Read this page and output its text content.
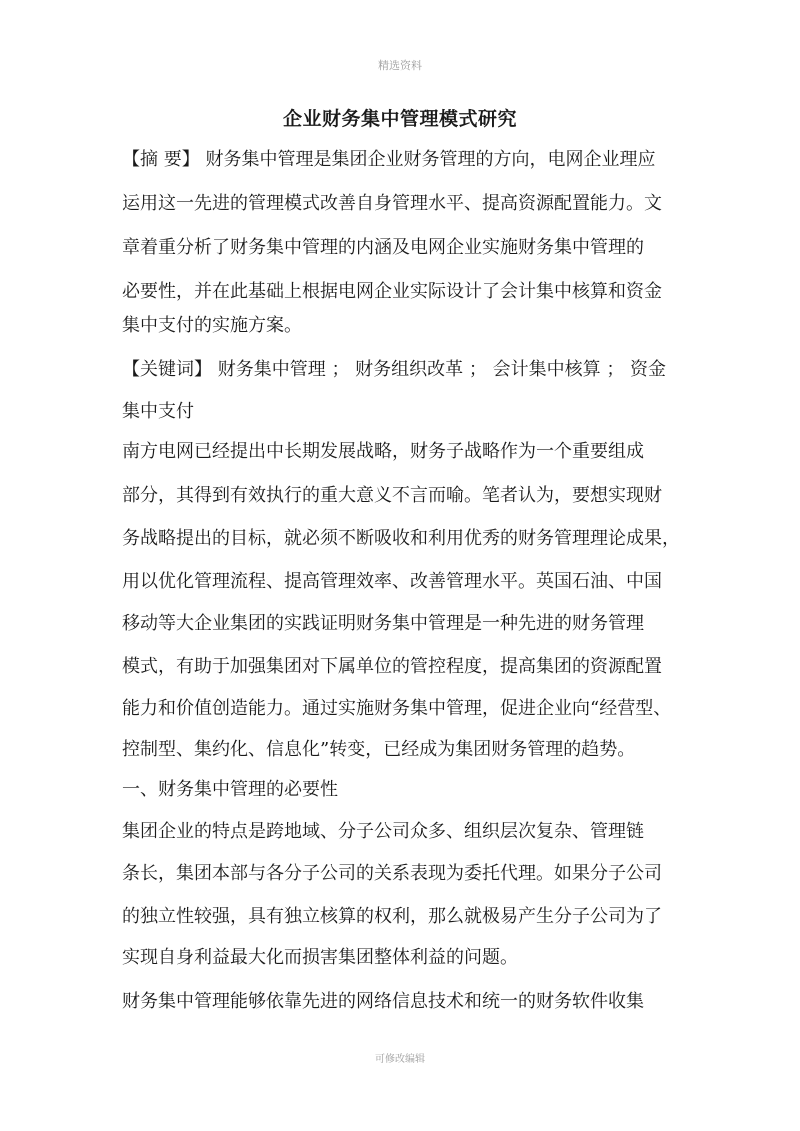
精选资料
企业财务集中管理模式研究
【摘 要】 财务集中管理是集团企业财务管理的方向，电网企业理应
运用这一先进的管理模式改善自身管理水平、提高资源配置能力。文
章着重分析了财务集中管理的内涵及电网企业实施财务集中管理的
必要性，并在此基础上根据电网企业实际设计了会计集中核算和资金
集中支付的实施方案。
【关键词】 财务集中管理 ； 财务组织改革 ； 会计集中核算 ； 资金
集中支付
南方电网已经提出中长期发展战略，财务子战略作为一个重要组成
部分，其得到有效执行的重大意义不言而喻。笔者认为，要想实现财
务战略提出的目标，就必须不断吸收和利用优秀的财务管理理论成果，
用以优化管理流程、提高管理效率、改善管理水平。英国石油、中国
移动等大企业集团的实践证明财务集中管理是一种先进的财务管理
模式，有助于加强集团对下属单位的管控程度，提高集团的资源配置
能力和价值创造能力。通过实施财务集中管理，促进企业向“经营型、
控制型、集约化、信息化”转变，已经成为集团财务管理的趋势。
一、财务集中管理的必要性
集团企业的特点是跨地域、分子公司众多、组织层次复杂、管理链
条长，集团本部与各分子公司的关系表现为委托代理。如果分子公司
的独立性较强，具有独立核算的权利，那么就极易产生分子公司为了
实现自身利益最大化而损害集团整体利益的问题。
财务集中管理能够依靠先进的网络信息技术和统一的财务软件收集
可修改编辑
